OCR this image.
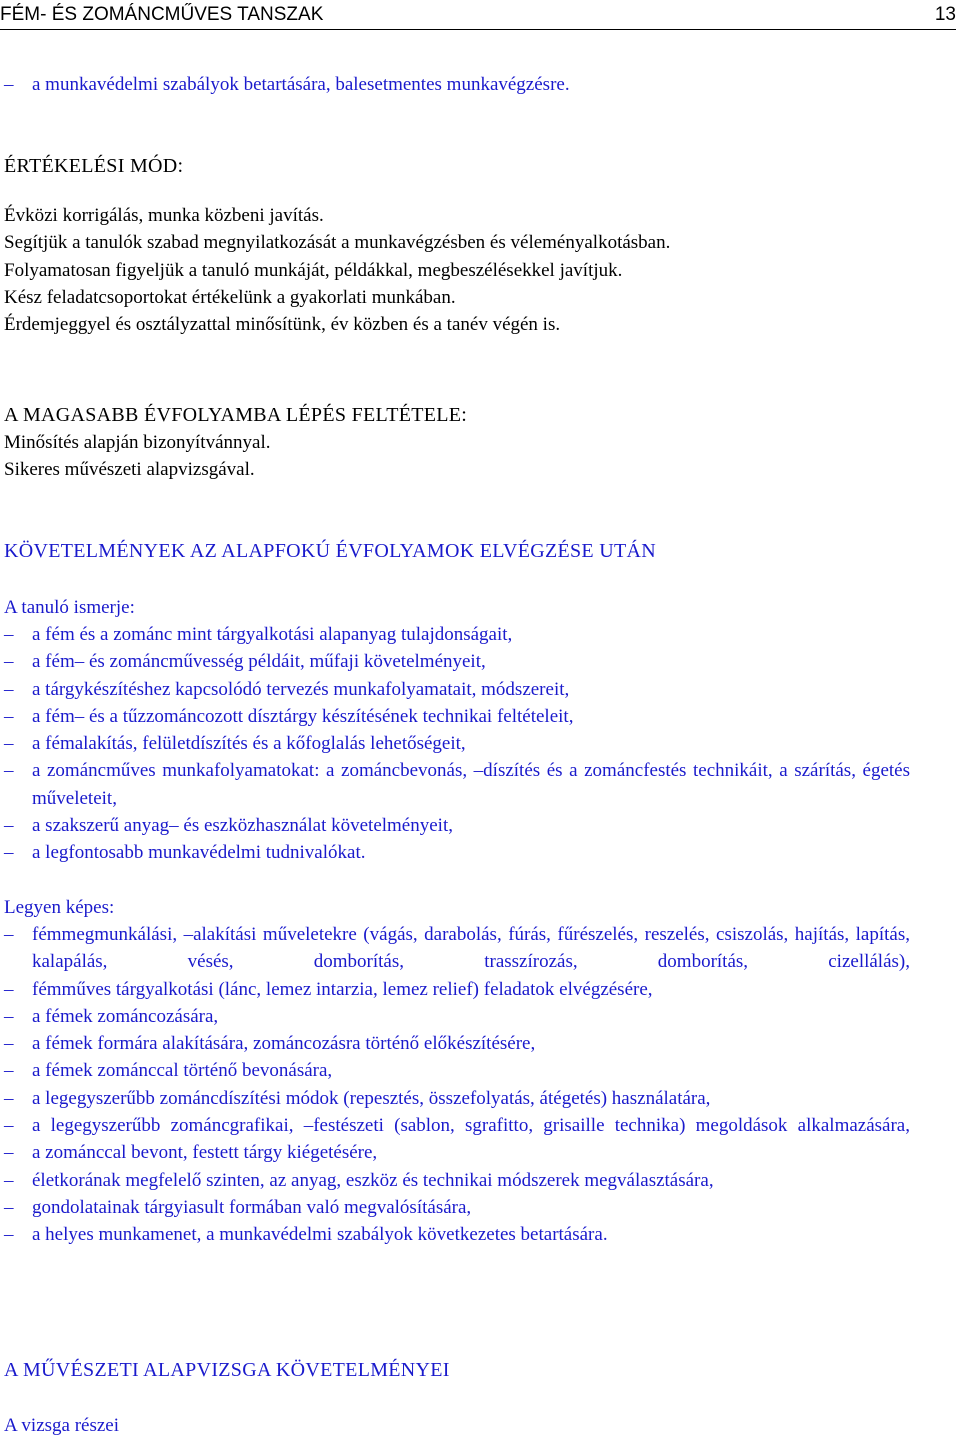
FÉM- ÉS ZOMÁNCMŰVES TANSZAK	13
– a munkavédelmi szabályok betartására, balesetmentes munkavégzésre.
ÉRTÉKELÉSI MÓD:
Évközi korrigálás, munka közbeni javítás.
Segítjük a tanulók szabad megnyilatkozását a munkavégzésben és véleményalkotásban.
Folyamatosan figyeljük a tanuló munkáját, példákkal, megbeszélésekkel javítjuk.
Kész feladatcsoportokat értékelünk a gyakorlati munkában.
Érdemjeggyel és osztályzattal minősítünk, év közben és a tanév végén is.
A MAGASABB ÉVFOLYAMBA LÉPÉS FELTÉTELE:
Minősítés alapján bizonyítvánnyal.
Sikeres művészeti alapvizsgával.
KÖVETELMÉNYEK AZ ALAPFOKÚ ÉVFOLYAMOK ELVÉGZÉSE UTÁN
A tanuló ismerje:
– a fém és a zománc mint tárgyalkotási alapanyag tulajdonságait,
– a fém– és zománcművesség példáit, műfaji követelményeit,
– a tárgykészítéshez kapcsolódó tervezés munkafolyamatait, módszereit,
– a fém– és a tűzzománcozott dísztárgy készítésének technikai feltételeit,
– a fémalakítás, felületdíszítés és a kőfoglalás lehetőségeit,
– a zománcműves munkafolyamatokat: a zománcbevonás, –díszítés és a zománcfestés technikáit, a szárítás, égetés műveleteit,
– a szakszerű anyag– és eszközhasználat követelményeit,
– a legfontosabb munkavédelmi tudnivalókat.
Legyen képes:
– fémmegmunkálási, –alakítási műveletekre (vágás, darabolás, fúrás, fűrészelés, reszelés, csiszolás, hajítás, lapítás, kalapálás, vésés, domborítás, trasszírozás, domborítás, cizellálás),
– fémműves tárgyalkotási (lánc, lemez intarzia, lemez relief) feladatok elvégzésére,
– a fémek zománcozására,
– a fémek formára alakítására, zománcozásra történő előkészítésére,
– a fémek zománccal történő bevonására,
– a legegyszerűbb zománcdíszítési módok (repesztés, összefolyatás, átégetés) használatára,
– a legegyszerűbb zománcgrafikai, –festészeti (sablon, sgrafitto, grisaille technika) megoldások alkalmazására,
– a zománccal bevont, festett tárgy kiégetésére,
– életkorának megfelelő szinten, az anyag, eszköz és technikai módszerek megválasztására,
– gondolatainak tárgyiasult formában való megvalósítására,
– a helyes munkamenet, a munkavédelmi szabályok következetes betartására.
A MŰVÉSZETI ALAPVIZSGA KÖVETELMÉNYEI
A vizsga részei
